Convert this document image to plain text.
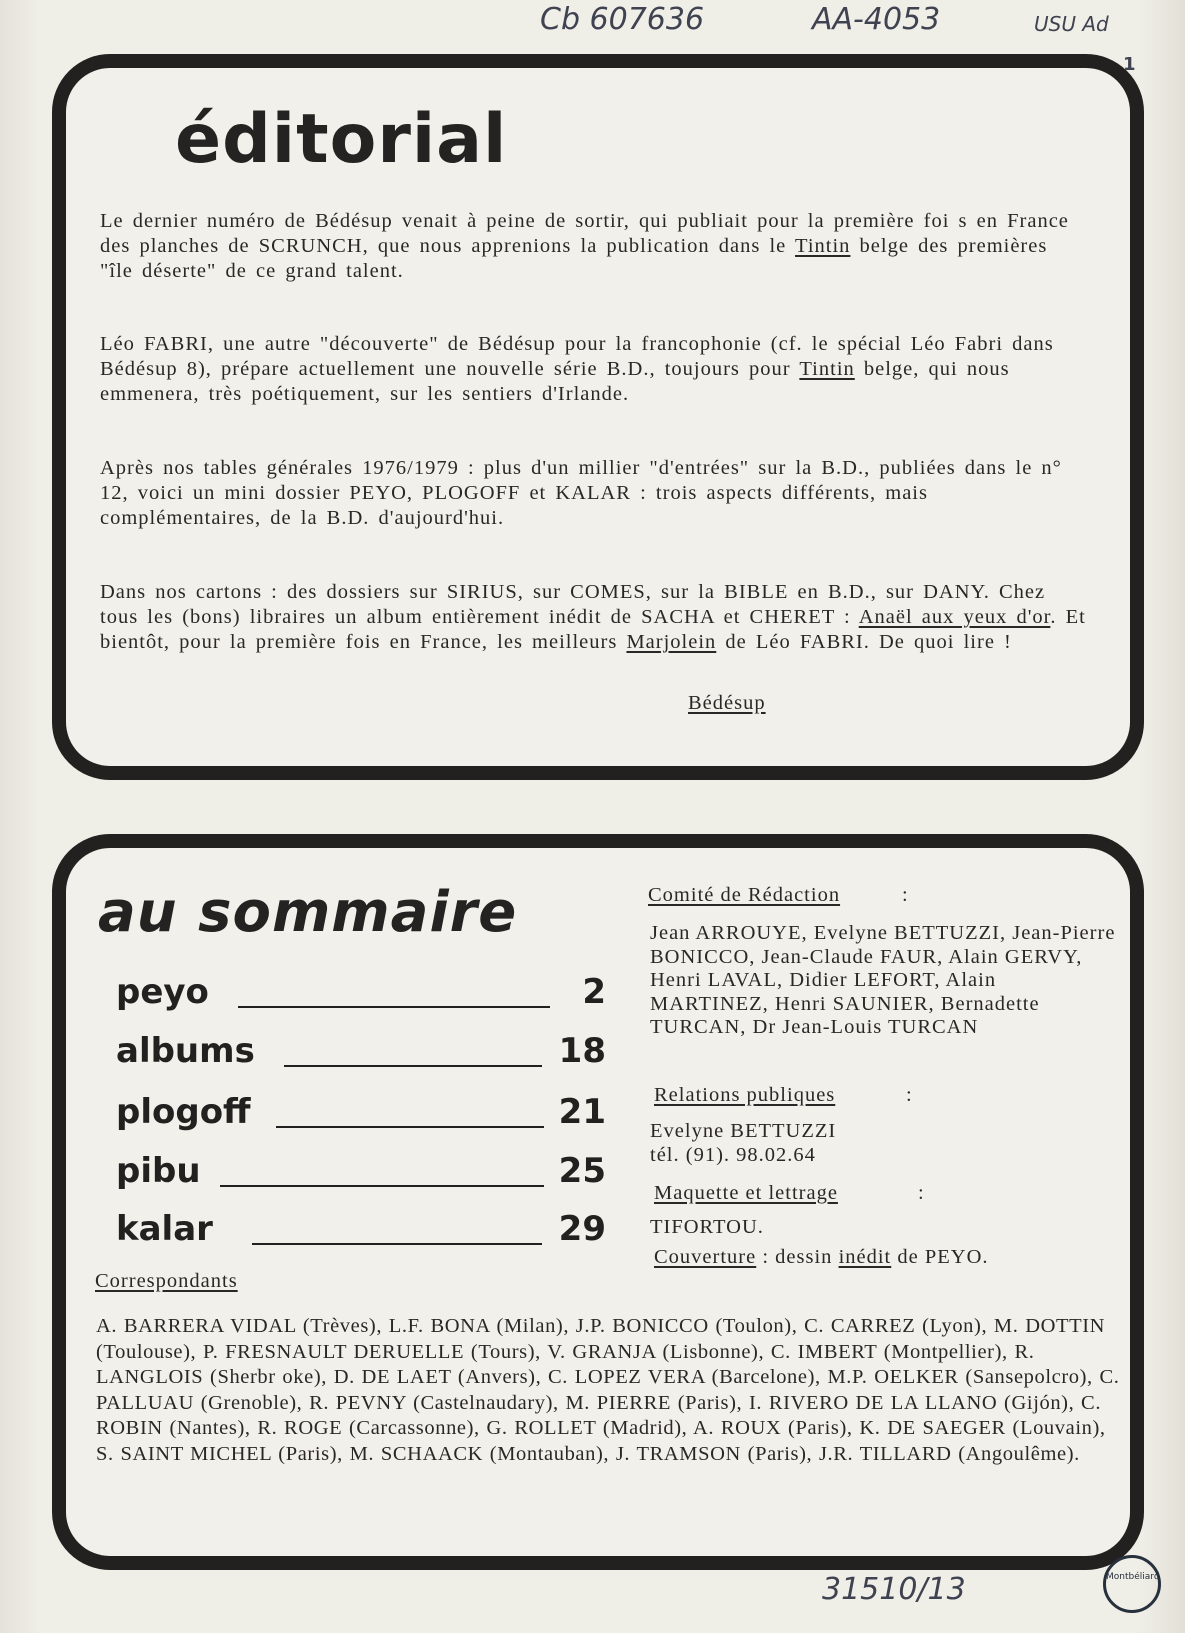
Cb 607636	AA-4053	USU Ad
1
éditorial

Le dernier numéro de Bédésup venait à peine de sortir, qui publiait pour la première foi s en France des planches de SCRUNCH, que nous apprenions la publication dans le Tintin belge des premières "île déserte" de ce grand talent.

Léo FABRI, une autre "découverte" de Bédésup pour la francophonie (cf. le spécial Léo Fabri dans Bédésup 8), prépare actuellement une nouvelle série B.D., toujours pour Tintin belge, qui nous emmenera, très poétiquement, sur les sentiers d'Irlande.

Après nos tables générales 1976/1979 : plus d'un millier "d'entrées" sur la B.D., publiées dans le n° 12, voici un mini dossier PEYO, PLOGOFF et KALAR : trois aspects différents, mais complémentaires, de la B.D. d'aujourd'hui.

Dans nos cartons : des dossiers sur SIRIUS, sur COMES, sur la BIBLE en B.D., sur DANY. Chez tous les (bons) libraires un album entièrement inédit de SACHA et CHERET : Anaël aux yeux d'or. Et bientôt, pour la première fois en France, les meilleurs Marjolein de Léo FABRI. De quoi lire !

Bédésup

au sommaire
peyo	2
albums	18
plogoff	21
pibu	25
kalar	29

Comité de Rédaction	:

Jean ARROUYE, Evelyne BETTUZZI, Jean-Pierre BONICCO, Jean-Claude FAUR, Alain GERVY, Henri LAVAL, Didier LEFORT, Alain MARTINEZ, Henri SAUNIER, Bernadette TURCAN, Dr Jean-Louis TURCAN

Relations publiques	:

Evelyne BETTUZZI
tél. (91). 98.02.64

Maquette et lettrage	:

TIFORTOU.

Couverture : dessin inédit de PEYO.

Correspondants

A. BARRERA VIDAL (Trèves), L.F. BONA (Milan), J.P. BONICCO (Toulon), C. CARREZ (Lyon), M. DOTTIN (Toulouse), P. FRESNAULT DERUELLE (Tours), V. GRANJA (Lisbonne), C. IMBERT (Montpellier), R. LANGLOIS (Sherbr oke), D. DE LAET (Anvers), C. LOPEZ VERA (Barcelone), M.P. OELKER (Sansepolcro), C. PALLUAU (Grenoble), R. PEVNY (Castelnaudary), M. PIERRE (Paris), I. RIVERO DE LA LLANO (Gijón), C. ROBIN (Nantes), R. ROGE (Carcassonne), G. ROLLET (Madrid), A. ROUX (Paris), K. DE SAEGER (Louvain), S. SAINT MICHEL (Paris), M. SCHAACK (Montauban), J. TRAMSON (Paris), J.R. TILLARD (Angoulême).

31510/13	Montbéliard
